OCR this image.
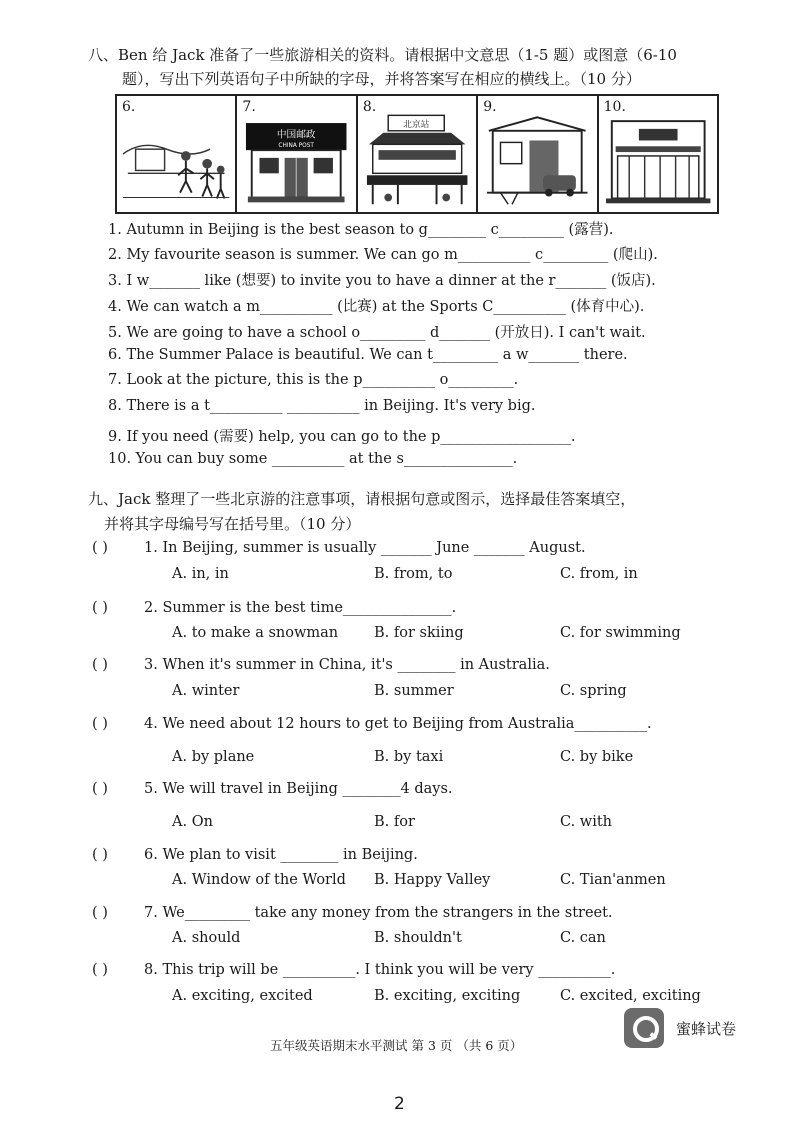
八、Ben 给 Jack 准备了一些旅游相关的资料。请根据中文意思（1-5 题）或图意（6-10
题），写出下列英语句子中所缺的字母，并将答案写在相应的横线上。（10 分）
6.	7.
中国邮政
CHINA POST
8.
北京站
9.	10.
1. Autumn in Beijing is the best season to g________ c_________ (露营).
2. My favourite season is summer. We can go m__________ c_________ (爬山).
3. I w_______ like (想要) to invite you to have a dinner at the r_______ (饭店).
4. We can watch a m__________ (比赛) at the Sports C__________ (体育中心).
5. We are going to have a school o_________ d_______ (开放日). I can't wait.
6. The Summer Palace is beautiful. We can t_________ a w_______ there.
7. Look at the picture, this is the p__________ o_________.
8. There is a t__________ __________ in Beijing. It's very big.
9. If you need (需要) help, you can go to the p__________________.
10. You can buy some __________ at the s_______________.
九、Jack 整理了一些北京游的注意事项，请根据句意或图示，选择最佳答案填空，
并将其字母编号写在括号里。（10 分）
( ) 1. In Beijing, summer is usually _______ June _______ August.
A. in, in	B. from, to	C. from, in
( ) 2. Summer is the best time_______________.
A. to make a snowman B. for skiing	C. for swimming
( ) 3. When it's summer in China, it's ________ in Australia.
A. winter	B. summer	C. spring
( ) 4. We need about 12 hours to get to Beijing from Australia__________.
A. by plane	B. by taxi	C. by bike
( ) 5. We will travel in Beijing ________4 days.
A. On	B. for	C. with
( ) 6. We plan to visit ________ in Beijing.
A. Window of the World B. Happy Valley	C. Tian'anmen
( ) 7. We_________ take any money from the strangers in the street.
A. should	B. shouldn't	C. can
( ) 8. This trip will be __________. I think you will be very __________.
A. exciting, excited	B. exciting, exciting	C. excited, exciting
五年级英语期末水平测试 第 3 页 （共 6 页）
蜜蜂试卷
2
